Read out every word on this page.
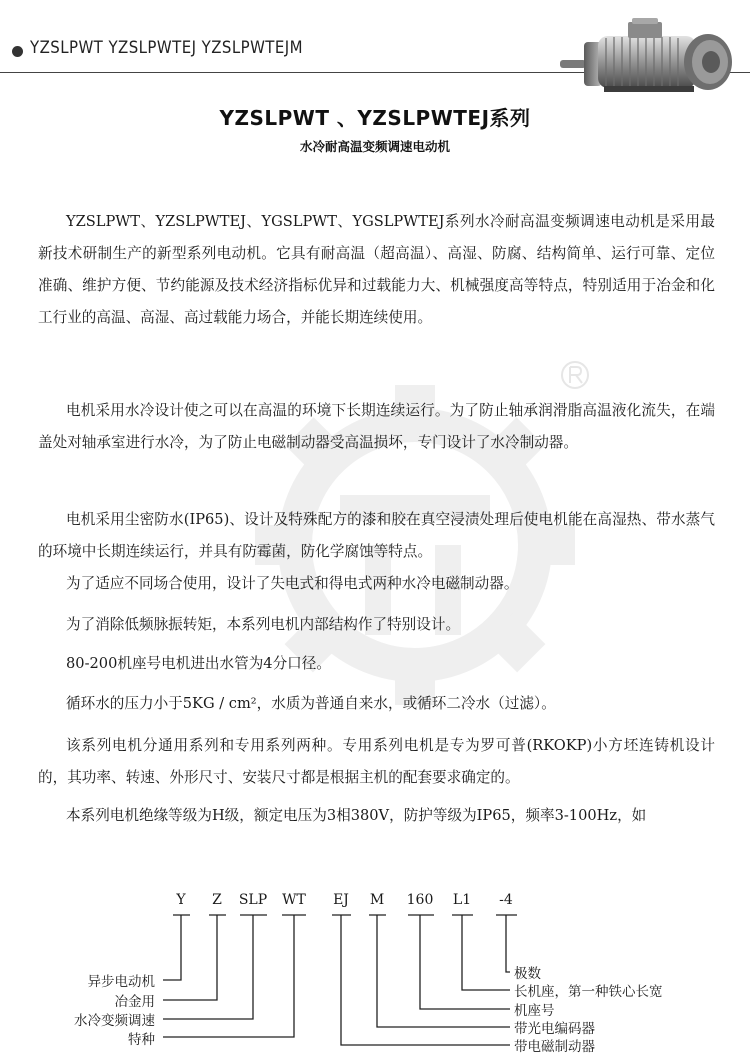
YZSLPWT YZSLPWTEJ YZSLPWTEJM
YZSLPWT 、YZSLPWTEJ系列
水冷耐高温变频调速电动机

YZSLPWT、YZSLPWTEJ、YGSLPWT、YGSLPWTEJ系列水冷耐高温变频调速电动机是采用最新技术研制生产的新型系列电动机。它具有耐高温（超高温）、高湿、防腐、结构简单、运行可靠、定位准确、维护方便、节约能源及技术经济指标优异和过载能力大、机械强度高等特点，特别适用于冶金和化工行业的高温、高湿、高过载能力场合，并能长期连续使用。

电机采用水冷设计使之可以在高温的环境下长期连续运行。为了防止轴承润滑脂高温液化流失，在端盖处对轴承室进行水冷，为了防止电磁制动器受高温损坏，专门设计了水冷制动器。

电机采用尘密防水(IP65)、设计及特殊配方的漆和胶在真空浸渍处理后使电机能在高湿热、带水蒸气的环境中长期连续运行，并具有防霉菌，防化学腐蚀等特点。

为了适应不同场合使用，设计了失电式和得电式两种水冷电磁制动器。

为了消除低频脉振转矩，本系列电机内部结构作了特别设计。

80-200机座号电机进出水管为4分口径。

循环水的压力小于5KG / cm²，水质为普通自来水，或循环二冷水（过滤）。

该系列电机分通用系列和专用系列两种。专用系列电机是专为罗可普(RKOKP)小方坯连铸机设计的，其功率、转速、外形尺寸、安装尺寸都是根据主机的配套要求确定的。

本系列电机绝缘等级为H级，额定电压为3相380V，防护等级为IP65，频率3-100Hz，如

Y Z SLP WT EJ M 160 L1 -4
异步电动机
冶金用
水冷变频调速
特种
极数
长机座，第一种铁心长宽
机座号
带光电编码器
带电磁制动器
